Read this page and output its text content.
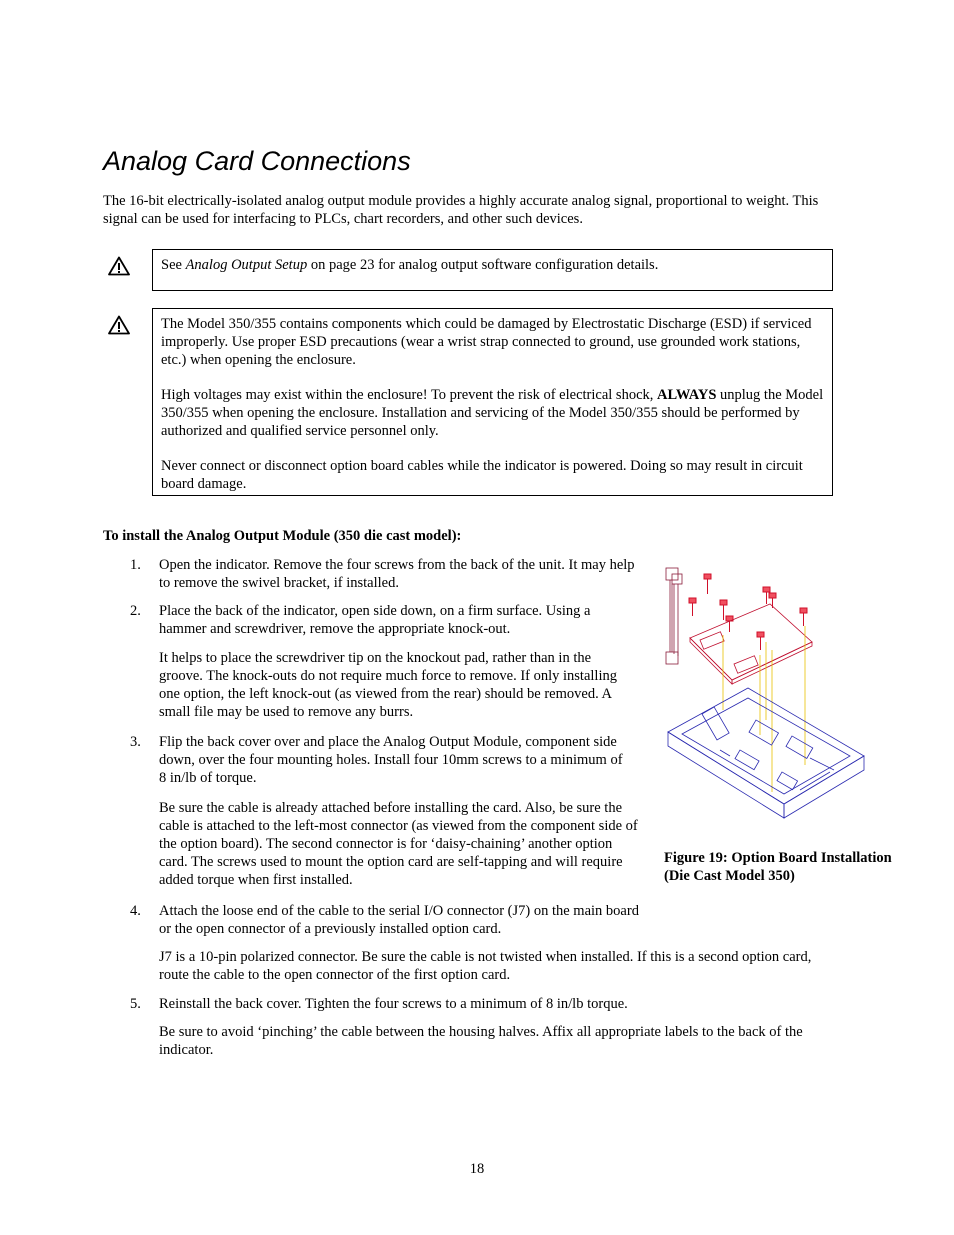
Analog Card Connections

The 16-bit electrically-isolated analog output module provides a highly accurate analog signal, proportional to weight. This signal can be used for interfacing to PLCs, chart recorders, and other such devices.

See Analog Output Setup on page 23 for analog output software configuration details.

The Model 350/355 contains components which could be damaged by Electrostatic Discharge (ESD) if serviced improperly. Use proper ESD precautions (wear a wrist strap connected to ground, use grounded work stations, etc.) when opening the enclosure.

High voltages may exist within the enclosure! To prevent the risk of electrical shock, ALWAYS unplug the Model 350/355 when opening the enclosure. Installation and servicing of the Model 350/355 should be performed by authorized and qualified service personnel only.

Never connect or disconnect option board cables while the indicator is powered. Doing so may result in circuit board damage.

To install the Analog Output Module (350 die cast model):

1.	Open the indicator. Remove the four screws from the back of the unit. It may help to remove the swivel bracket, if installed.

2.	Place the back of the indicator, open side down, on a firm surface. Using a hammer and screwdriver, remove the appropriate knock-out.

It helps to place the screwdriver tip on the knockout pad, rather than in the groove. The knock-outs do not require much force to remove. If only installing one option, the left knock-out (as viewed from the rear) should be removed. A small file may be used to remove any burrs.

3.	Flip the back cover over and place the Analog Output Module, component side down, over the four mounting holes. Install four 10mm screws to a minimum of 8 in/lb of torque.

Be sure the cable is already attached before installing the card. Also, be sure the cable is attached to the left-most connector (as viewed from the component side of the option board). The second connector is for ‘daisy-chaining’ another option card. The screws used to mount the option card are self-tapping and will require added torque when first installed.

4.	Attach the loose end of the cable to the serial I/O connector (J7) on the main board or the open connector of a previously installed option card.

J7 is a 10-pin polarized connector. Be sure the cable is not twisted when installed. If this is a second option card, route the cable to the open connector of the first option card.

5.	Reinstall the back cover. Tighten the four screws to a minimum of 8 in/lb torque.

Be sure to avoid ‘pinching’ the cable between the housing halves. Affix all appropriate labels to the back of the indicator.

Figure 19: Option Board Installation (Die Cast Model 350)

18
